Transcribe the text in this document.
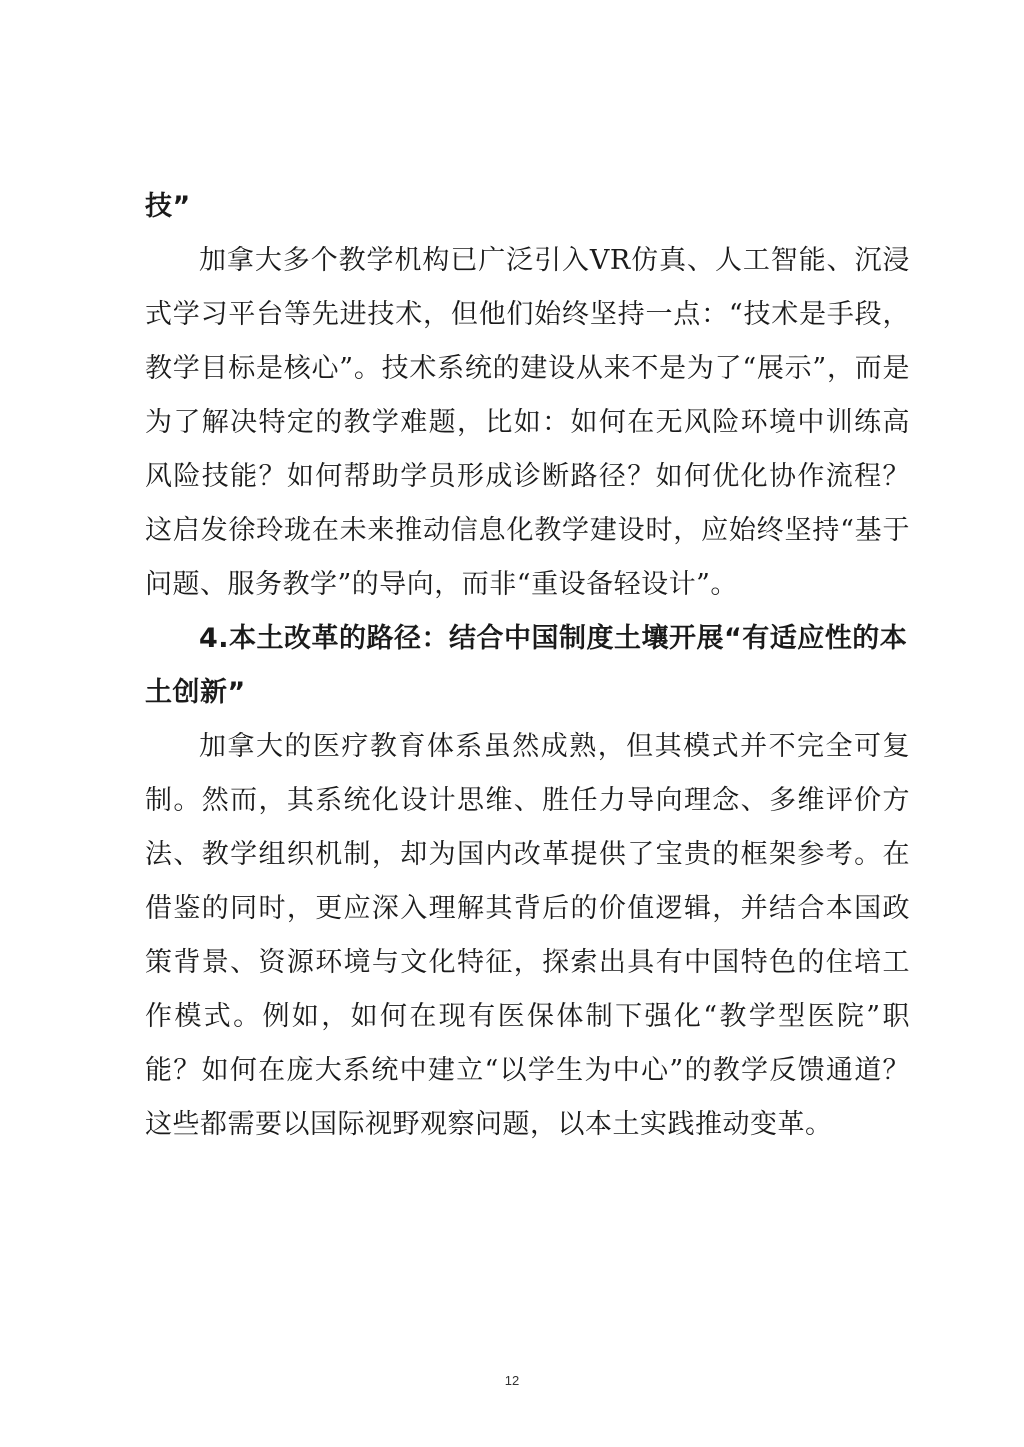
技”

加拿大多个教学机构已广泛引入VR仿真、人工智能、沉浸式学习平台等先进技术，但他们始终坚持一点：“技术是手段，教学目标是核心”。技术系统的建设从来不是为了“展示”，而是为了解决特定的教学难题，比如：如何在无风险环境中训练高风险技能？如何帮助学员形成诊断路径？如何优化协作流程？这启发徐玲珑在未来推动信息化教学建设时，应始终坚持“基于问题、服务教学”的导向，而非“重设备轻设计”。

4.本土改革的路径：结合中国制度土壤开展“有适应性的本土创新”

加拿大的医疗教育体系虽然成熟，但其模式并不完全可复制。然而，其系统化设计思维、胜任力导向理念、多维评价方法、教学组织机制，却为国内改革提供了宝贵的框架参考。在借鉴的同时，更应深入理解其背后的价值逻辑，并结合本国政策背景、资源环境与文化特征，探索出具有中国特色的住培工作模式。例如，如何在现有医保体制下强化“教学型医院”职能？如何在庞大系统中建立“以学生为中心”的教学反馈通道？这些都需要以国际视野观察问题，以本土实践推动变革。

12
